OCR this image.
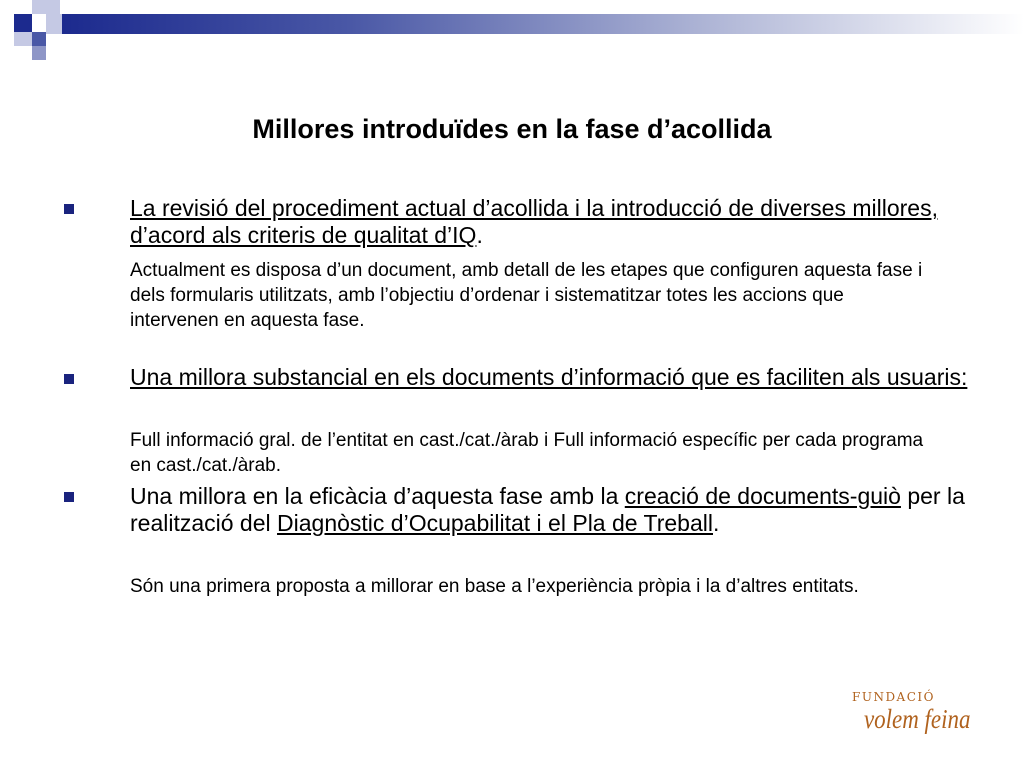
Millores introduïdes en la fase d’acollida
La revisió del procediment actual d’acollida i la introducció de diverses millores, d’acord als criteris de qualitat d’IQ.
Actualment es disposa d’un document, amb detall de les etapes que configuren aquesta fase i dels formularis utilitzats, amb l’objectiu d’ordenar i sistematitzar totes les accions que intervenen en aquesta fase.
Una millora substancial en els documents d’informació que es faciliten als usuaris:
Full informació gral. de l’entitat en cast./cat./àrab i Full informació específic per cada programa en cast./cat./àrab.
Una millora en la eficàcia d’aquesta fase amb la creació de documents-guiò per la realització del Diagnòstic d’Ocupabilitat i el Pla de Treball.
Són una primera proposta a millorar en base a l’experiència pròpia i la d’altres entitats.
FUNDACIÓ
volem feina
